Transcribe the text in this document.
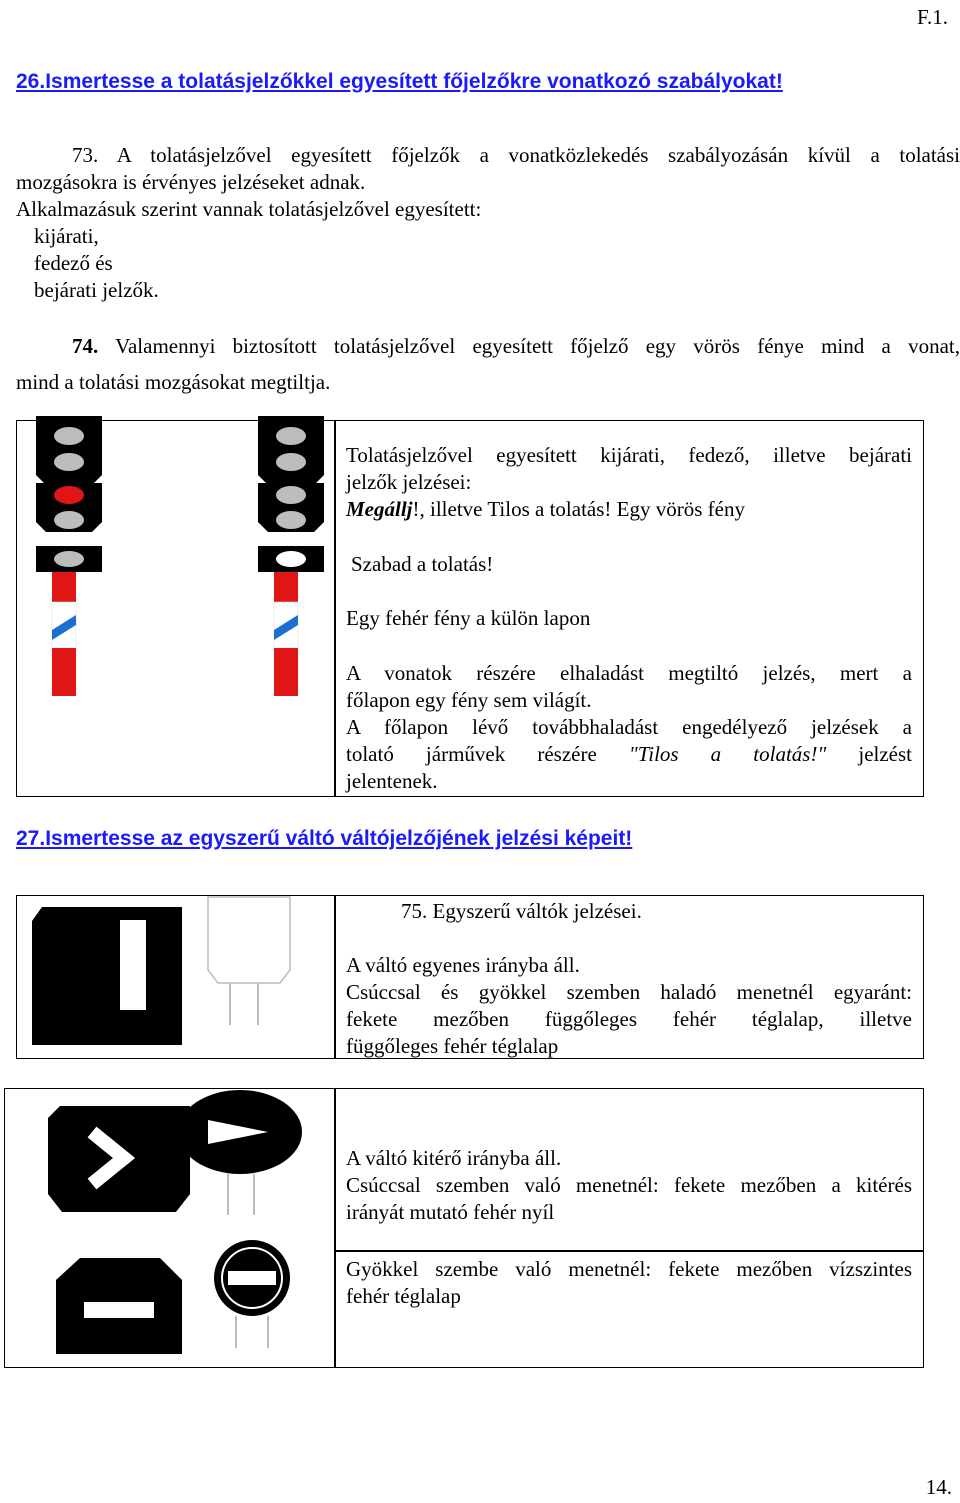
F.1.
26.Ismertesse a tolatásjelzőkkel egyesített főjelzőkre vonatkozó szabályokat!
73. A tolatásjelzővel egyesített főjelzők a vonatközlekedés szabályozásán kívül a tolatási
mozgásokra is érvényes jelzéseket adnak.
Alkalmazásuk szerint vannak tolatásjelzővel egyesített:
kijárati,
fedező és
bejárati jelzők.
74. Valamennyi biztosított tolatásjelzővel egyesített főjelző egy vörös fénye mind a vonat,
mind a tolatási mozgásokat megtiltja.
Tolatásjelzővel egyesített kijárati, fedező, illetve bejárati
jelzők jelzései:
Megállj!, illetve Tilos a tolatás! Egy vörös fény
Szabad a tolatás!
Egy fehér fény a külön lapon
A vonatok részére elhaladást megtiltó jelzés, mert a
főlapon egy fény sem világít.
A főlapon lévő továbbhaladást engedélyező jelzések a
tolató járművek részére "Tilos a tolatás!" jelzést
jelentenek.
27.Ismertesse az egyszerű váltó váltójelzőjének jelzési képeit!
75. Egyszerű váltók jelzései.
A váltó egyenes irányba áll.
Csúccsal és gyökkel szemben haladó menetnél egyaránt:
fekete mezőben függőleges fehér téglalap, illetve
függőleges fehér téglalap
A váltó kitérő irányba áll.
Csúccsal szemben való menetnél: fekete mezőben a kitérés
irányát mutató fehér nyíl
Gyökkel szembe való menetnél: fekete mezőben vízszintes
fehér téglalap
14.
